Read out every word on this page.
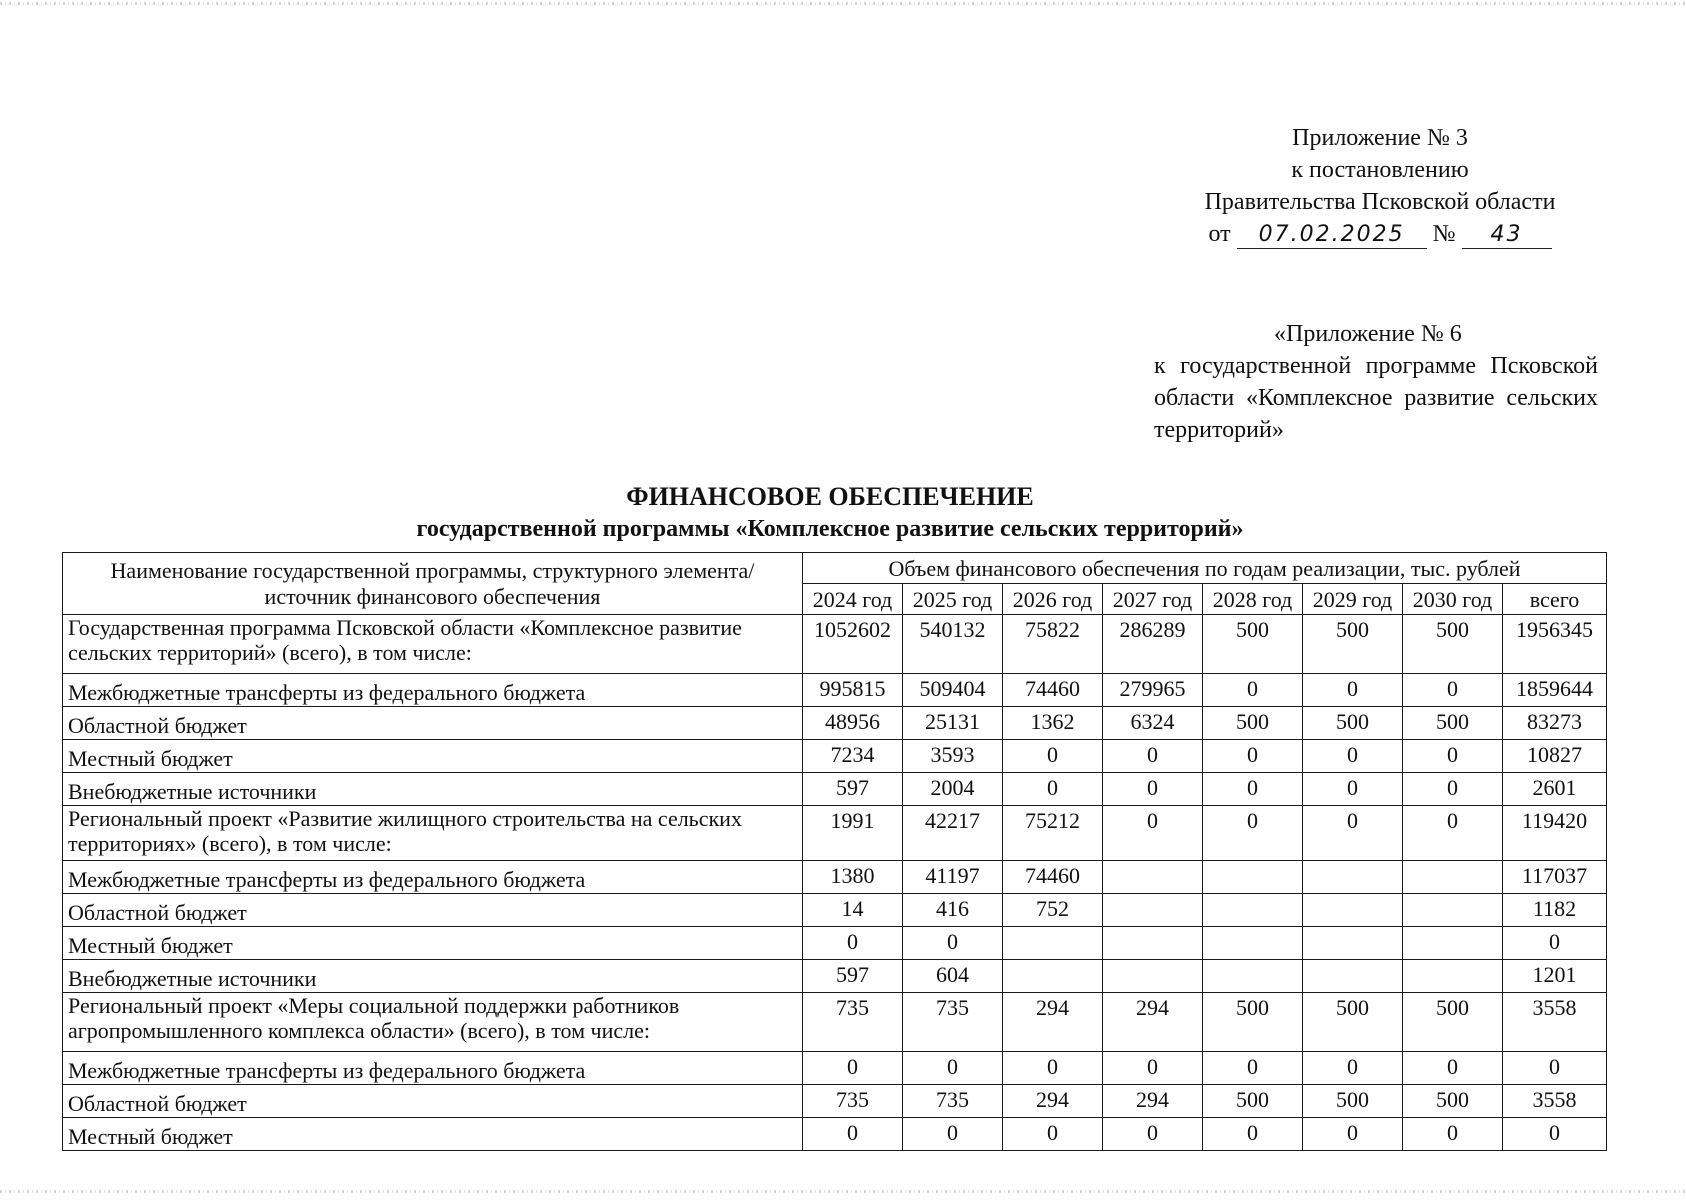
Приложение № 3
к постановлению
Правительства Псковской области
от	07.02.2025	№	43
«Приложение № 6
к государственной программе Псковской области «Комплексное развитие сельских территорий»
ФИНАНСОВОЕ ОБЕСПЕЧЕНИЕ
государственной программы «Комплексное развитие сельских территорий»
Наименование государственной программы, структурного элемента/источник финансового обеспечения	Объем финансового обеспечения по годам реализации, тыс. рублей							
	2024 год	2025 год	2026 год	2027 год	2028 год	2029 год	2030 год	всего
Государственная программа Псковской области «Комплексное развитие сельских территорий» (всего), в том числе:	1052602	540132	75822	286289	500	500	500	1956345
Межбюджетные трансферты из федерального бюджета	995815	509404	74460	279965	0	0	0	1859644
Областной бюджет	48956	25131	1362	6324	500	500	500	83273
Местный бюджет	7234	3593	0	0	0	0	0	10827
Внебюджетные источники	597	2004	0	0	0	0	0	2601
Региональный проект «Развитие жилищного строительства на сельских территориях» (всего), в том числе:	1991	42217	75212	0	0	0	0	119420
Межбюджетные трансферты из федерального бюджета	1380	41197	74460					117037
Областной бюджет	14	416	752					1182
Местный бюджет	0	0						0
Внебюджетные источники	597	604						1201
Региональный проект «Меры социальной поддержки работников агропромышленного комплекса области» (всего), в том числе:	735	735	294	294	500	500	500	3558
Межбюджетные трансферты из федерального бюджета	0	0	0	0	0	0	0	0
Областной бюджет	735	735	294	294	500	500	500	3558
Местный бюджет	0	0	0	0	0	0	0	0
